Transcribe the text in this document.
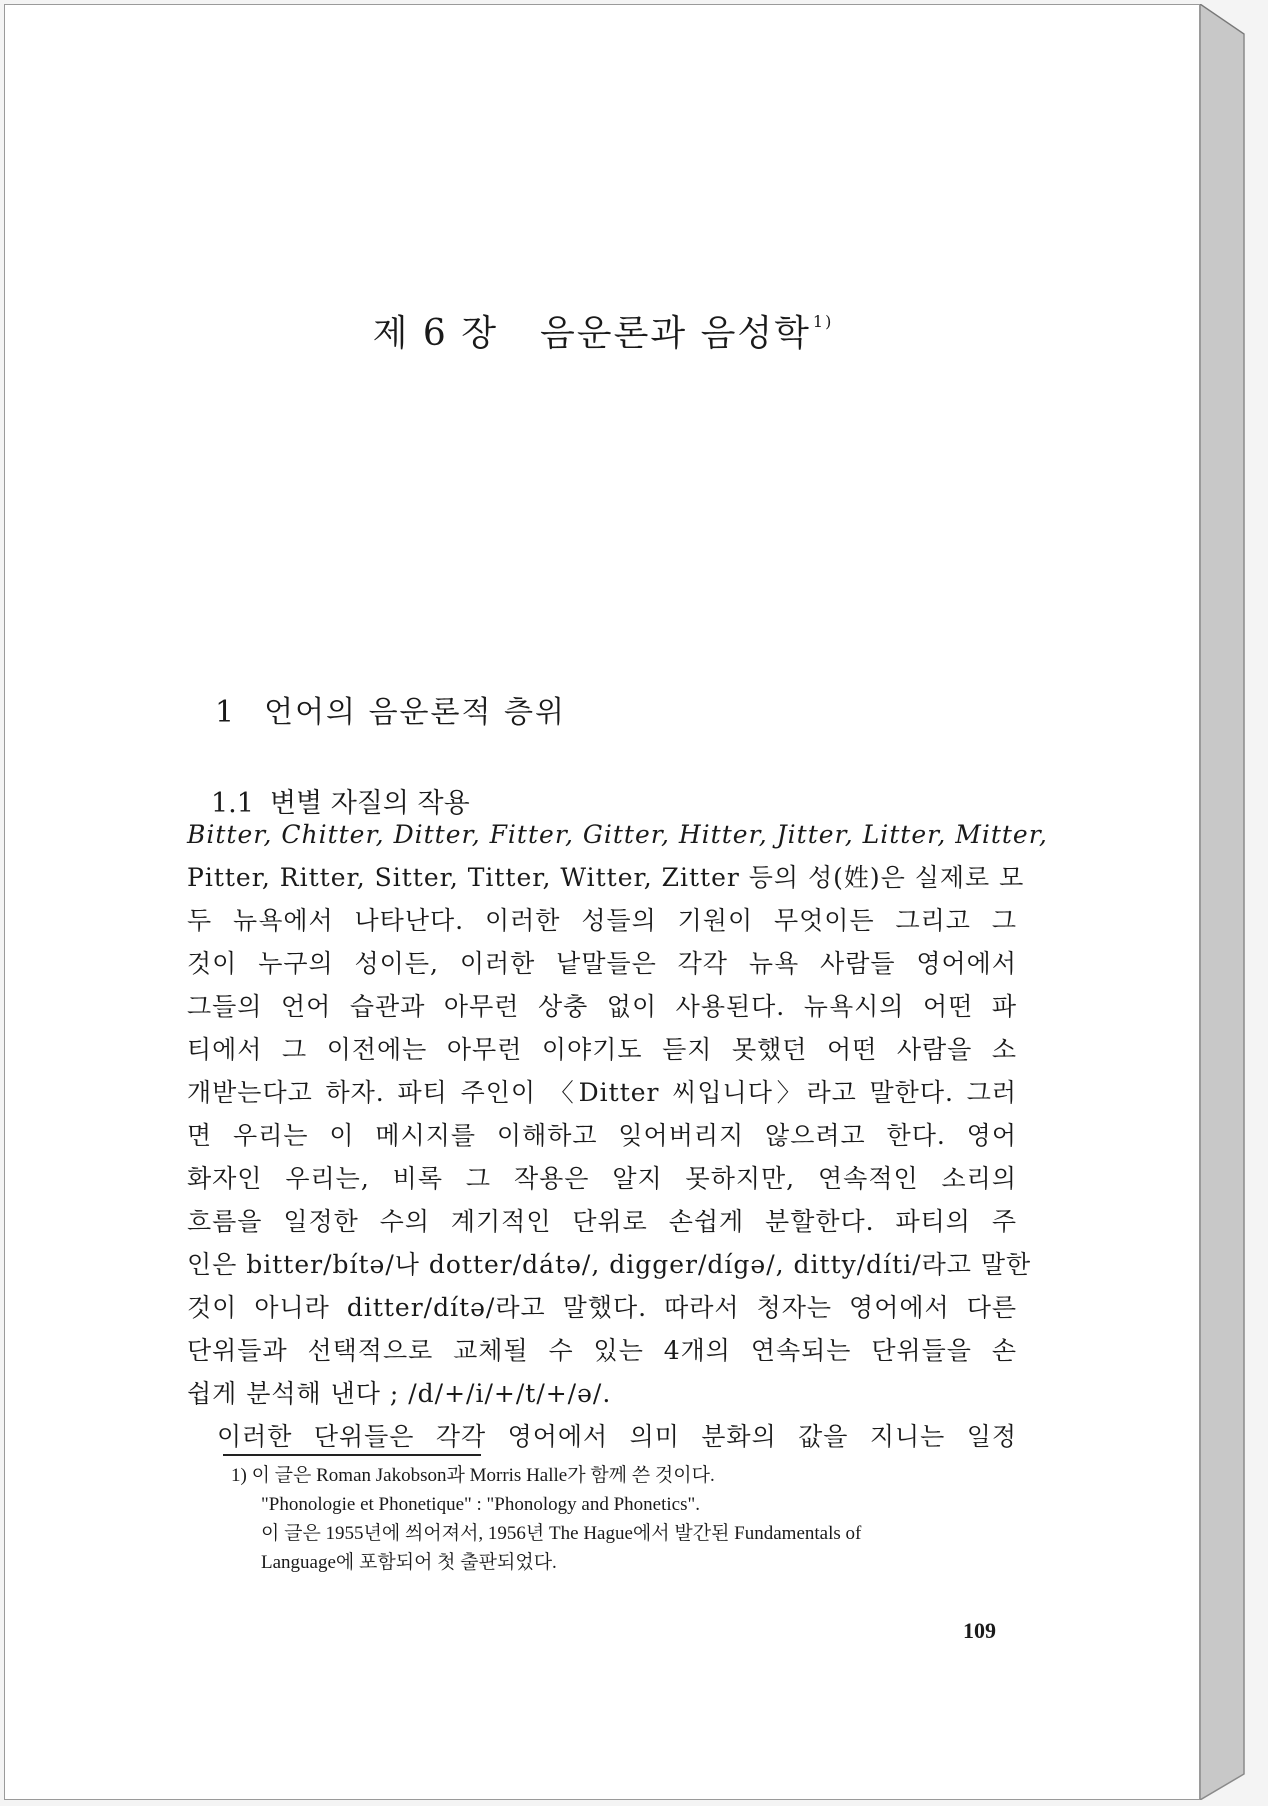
제 6 장 음운론과 음성학 $^{1)}$
1 언어의 음운론적 층위
1.1 변별 자질의 작용
Bitter, Chitter, Ditter, Fitter, Gitter, Hitter, Jitter, Litter, Mitter,
Pitter, Ritter, Sitter, Titter, Witter, Zitter 등의 성(姓)은 실제로 모
두 뉴욕에서 나타난다. 이러한 성들의 기원이 무엇이든 그리고 그
것이 누구의 성이든, 이러한 낱말들은 각각 뉴욕 사람들 영어에서
그들의 언어 습관과 아무런 상충 없이 사용된다. 뉴욕시의 어떤 파
티에서 그 이전에는 아무런 이야기도 듣지 못했던 어떤 사람을 소
개받는다고 하자. 파티 주인이 〈Ditter 씨입니다〉라고 말한다. 그러
면 우리는 이 메시지를 이해하고 잊어버리지 않으려고 한다. 영어
화자인 우리는, 비록 그 작용은 알지 못하지만, 연속적인 소리의
흐름을 일정한 수의 계기적인 단위로 손쉽게 분할한다. 파티의 주
인은 bitter/bítə/나 dotter/dátə/, digger/dígə/, ditty/díti/라고 말한
것이 아니라 ditter/dítə/라고 말했다. 따라서 청자는 영어에서 다른
단위들과 선택적으로 교체될 수 있는 4개의 연속되는 단위들을 손
쉽게 분석해 낸다 ; /d/+/i/+/t/+/ə/.
이러한 단위들은 각각 영어에서 의미 분화의 값을 지니는 일정
1) 이 글은 Roman Jakobson과 Morris Halle가 함께 쓴 것이다.
"Phonologie et Phonetique" : "Phonology and Phonetics".
이 글은 1955년에 씌어져서, 1956년 The Hague에서 발간된 Fundamentals of
Language에 포함되어 첫 출판되었다.
109
